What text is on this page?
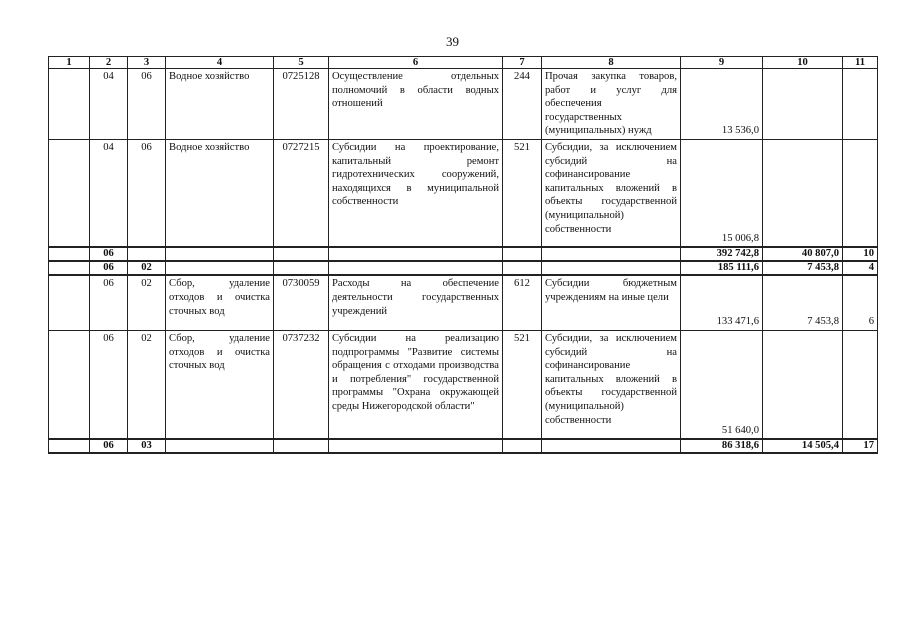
39
1	2	3	4	5	6	7	8	9	10	11
	04	06	Водное хозяйство	0725128	Осуществление отдельных полномочий в области водных отношений	244	Прочая закупка товаров, работ и услуг для обеспечения государственных (муниципальных) нужд	13 536,0		
	04	06	Водное хозяйство	0727215	Субсидии на проектирование, капитальный ремонт гидротехнических сооружений, находящихся в муниципальной собственности	521	Субсидии, за исключением субсидий на софинансирование капитальных вложений в объекты государственной (муниципальной) собственности	15 006,8		
	06							392 742,8	40 807,0	10
	06	02						185 111,6	7 453,8	4
	06	02	Сбор, удаление отходов и очистка сточных вод	0730059	Расходы на обеспечение деятельности государственных учреждений	612	Субсидии бюджетным учреждениям на иные цели	133 471,6	7 453,8	6
	06	02	Сбор, удаление отходов и очистка сточных вод	0737232	Субсидии на реализацию подпрограммы "Развитие системы обращения с отходами производства и потребления" государственной программы "Охрана окружающей среды Нижегородской области"	521	Субсидии, за исключением субсидий на софинансирование капитальных вложений в объекты государственной (муниципальной) собственности	51 640,0		
	06	03						86 318,6	14 505,4	17
